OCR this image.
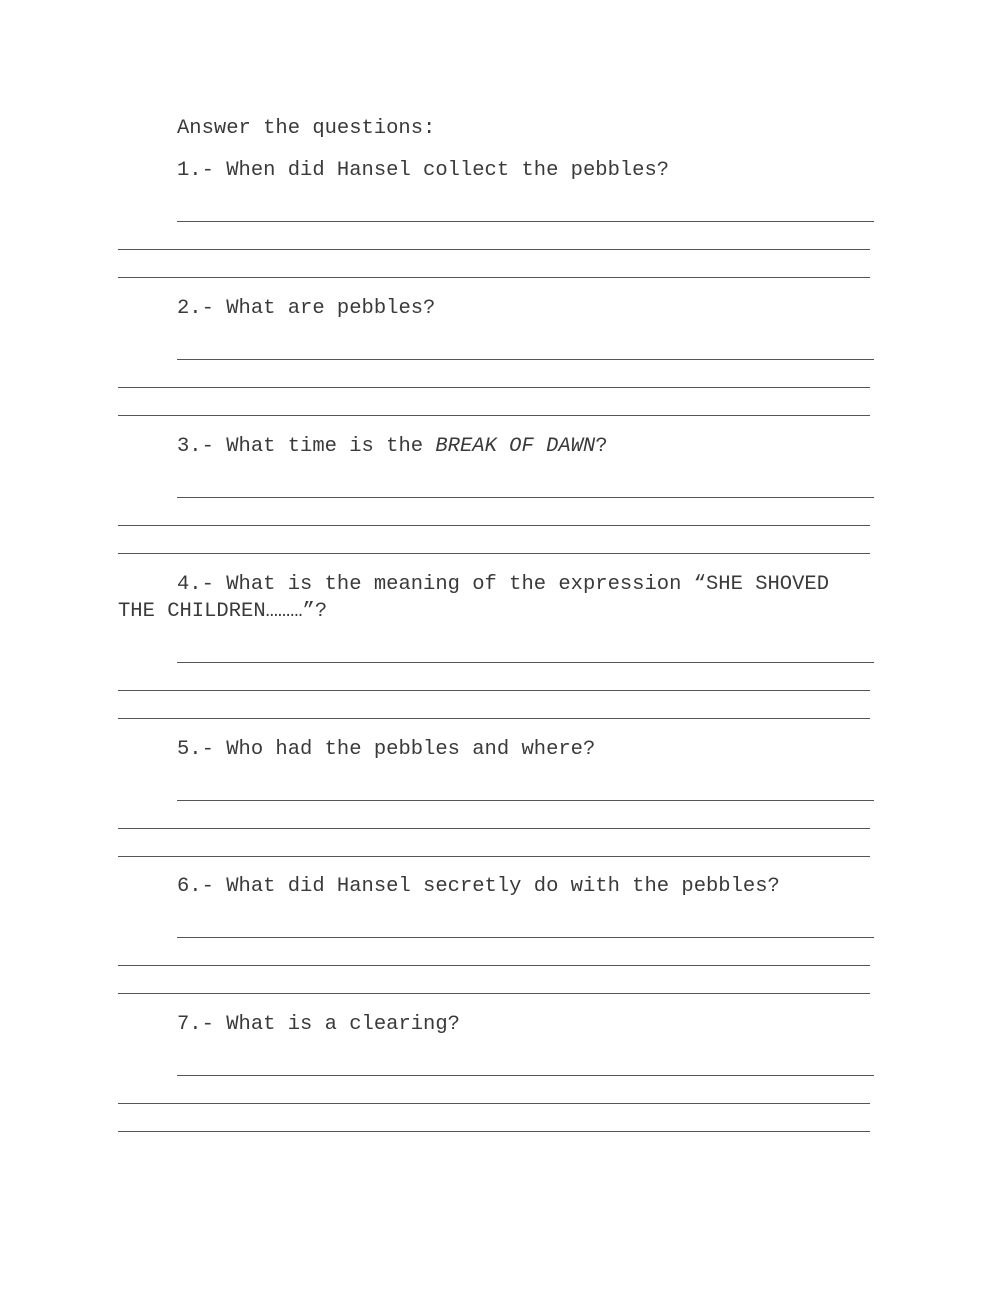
Answer the questions:
1.- When did Hansel collect the pebbles?
2.- What are pebbles?
3.- What time is the BREAK OF DAWN?
4.- What is the meaning of the expression “SHE SHOVED THE CHILDREN………”?
5.- Who had the pebbles and where?
6.- What did Hansel secretly do with the pebbles?
7.- What is a clearing?
